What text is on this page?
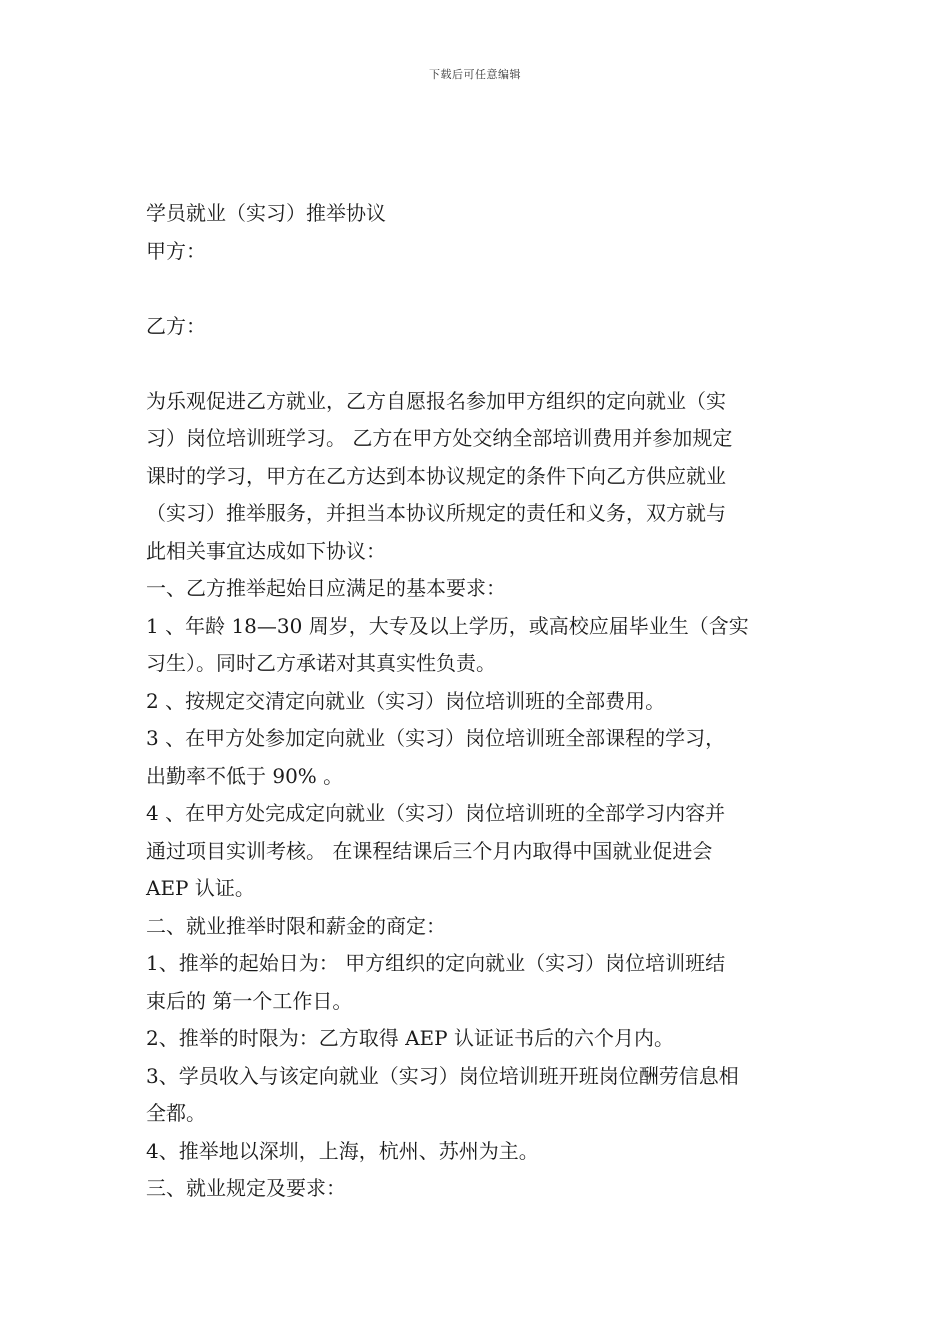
下载后可任意编辑

学员就业（实习）推举协议

甲方：

乙方：

为乐观促进乙方就业，乙方自愿报名参加甲方组织的定向就业（实

习）岗位培训班学习。 乙方在甲方处交纳全部培训费用并参加规定

课时的学习，甲方在乙方达到本协议规定的条件下向乙方供应就业

（实习）推举服务，并担当本协议所规定的责任和义务，双方就与

此相关事宜达成如下协议：

一、乙方推举起始日应满足的基本要求：

1 、年龄 18—30 周岁，大专及以上学历，或高校应届毕业生（含实

习生）。同时乙方承诺对其真实性负责。

2 、按规定交清定向就业（实习）岗位培训班的全部费用。

3 、在甲方处参加定向就业（实习）岗位培训班全部课程的学习，

出勤率不低于 90% 。

4 、在甲方处完成定向就业（实习）岗位培训班的全部学习内容并

通过项目实训考核。 在课程结课后三个月内取得中国就业促进会

AEP 认证。

二、就业推举时限和薪金的商定：

1、推举的起始日为： 甲方组织的定向就业（实习）岗位培训班结

束后的 第一个工作日。

2、推举的时限为：乙方取得 AEP 认证证书后的六个月内。

3、学员收入与该定向就业（实习）岗位培训班开班岗位酬劳信息相

全都。

4、推举地以深圳，上海，杭州、苏州为主。

三、就业规定及要求：
